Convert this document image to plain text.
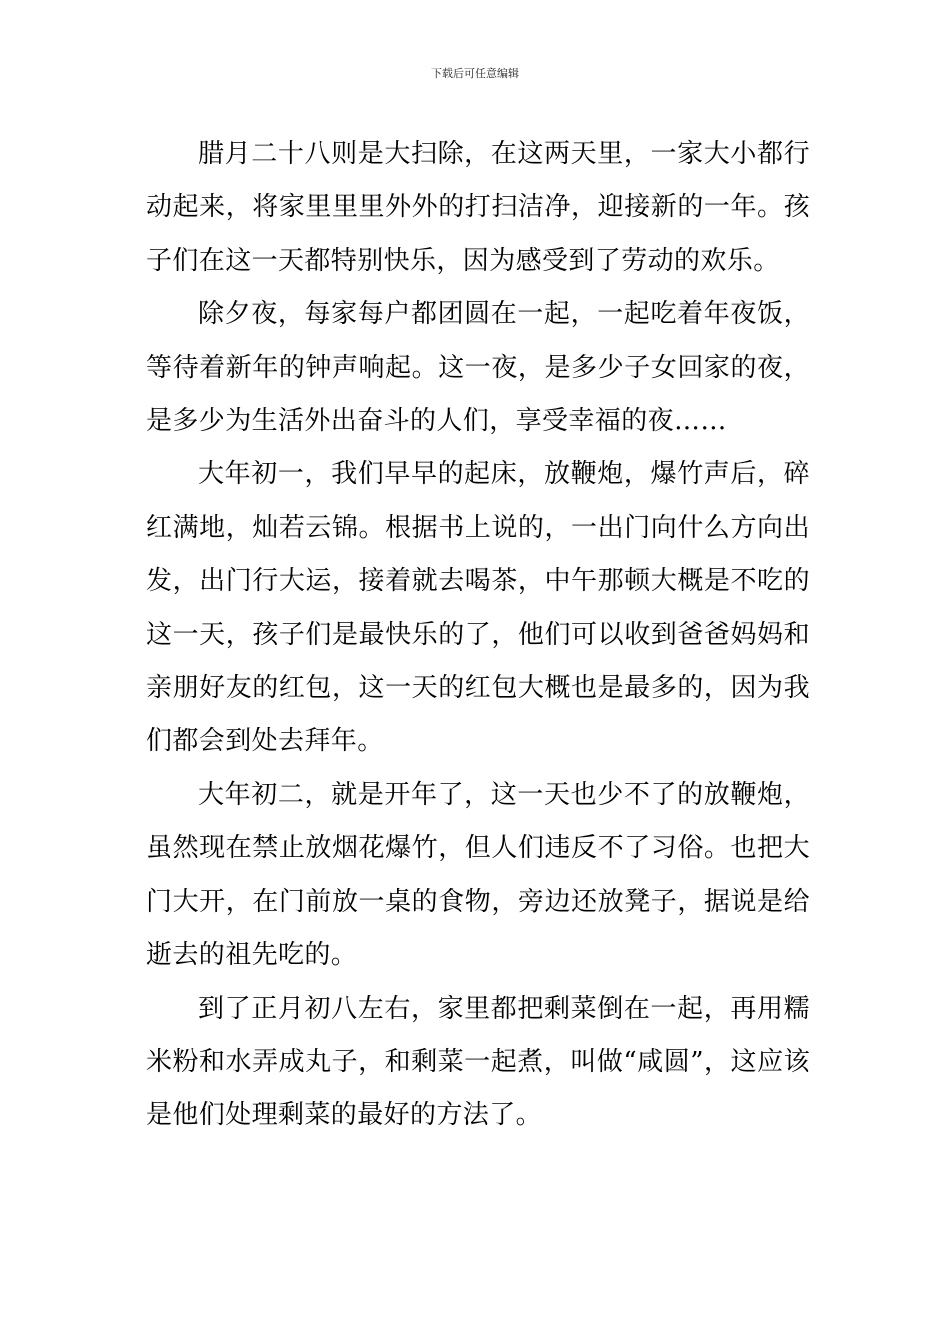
下载后可任意编辑

腊月二十八则是大扫除，在这两天里，一家大小都行动起来，将家里里里外外的打扫洁净，迎接新的一年。孩子们在这一天都特别快乐，因为感受到了劳动的欢乐。

除夕夜，每家每户都团圆在一起，一起吃着年夜饭，等待着新年的钟声响起。这一夜，是多少子女回家的夜，是多少为生活外出奋斗的人们，享受幸福的夜……

大年初一，我们早早的起床，放鞭炮，爆竹声后，碎红满地，灿若云锦。根据书上说的，一出门向什么方向出发，出门行大运，接着就去喝茶，中午那顿大概是不吃的这一天，孩子们是最快乐的了，他们可以收到爸爸妈妈和亲朋好友的红包，这一天的红包大概也是最多的，因为我们都会到处去拜年。

大年初二，就是开年了，这一天也少不了的放鞭炮，虽然现在禁止放烟花爆竹，但人们违反不了习俗。也把大门大开，在门前放一桌的食物，旁边还放凳子，据说是给逝去的祖先吃的。

到了正月初八左右，家里都把剩菜倒在一起，再用糯米粉和水弄成丸子，和剩菜一起煮，叫做“咸圆”，这应该是他们处理剩菜的最好的方法了。
